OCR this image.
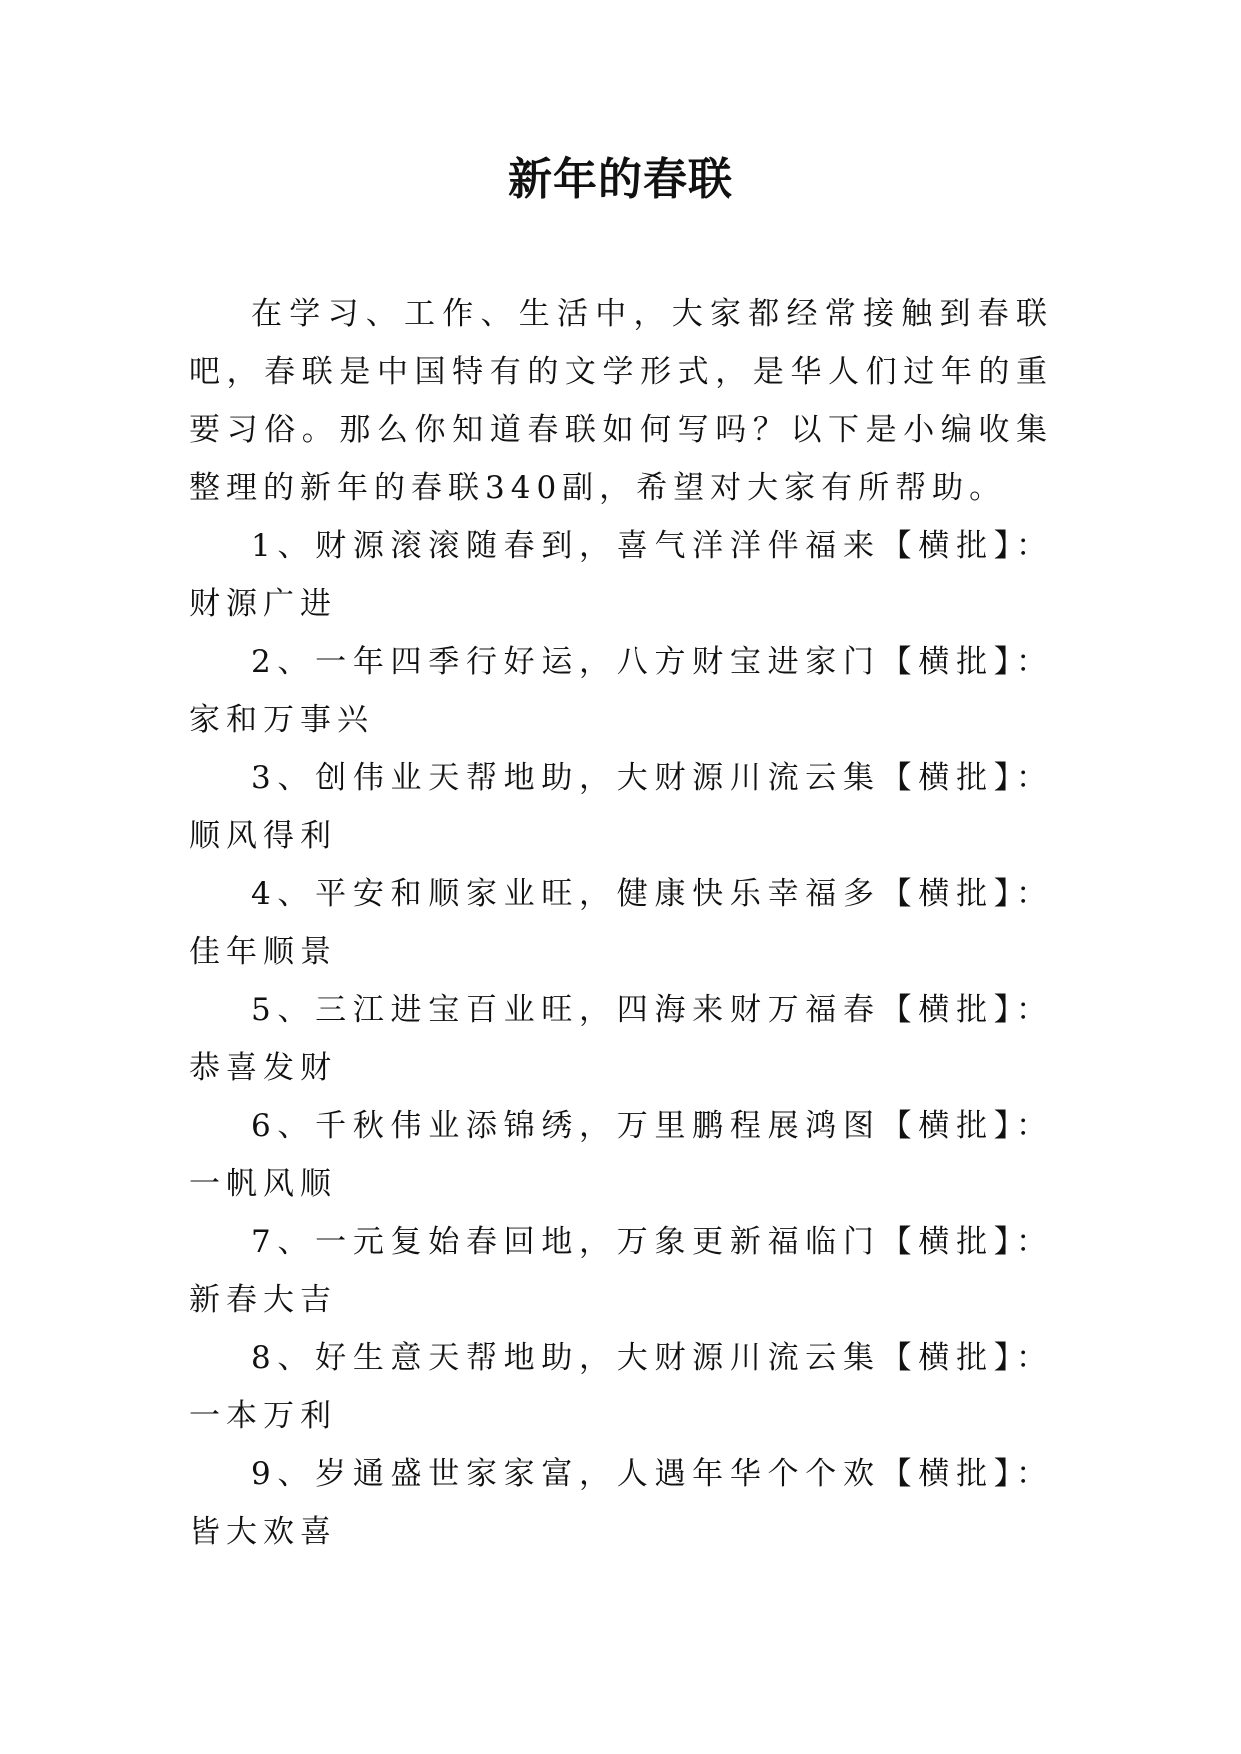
新年的春联

在学习、工作、生活中，大家都经常接触到春联吧，春联是中国特有的文学形式，是华人们过年的重要习俗。那么你知道春联如何写吗？以下是小编收集整理的新年的春联340副，希望对大家有所帮助。

1、财源滚滚随春到，喜气洋洋伴福来【横批】：财源广进

2、一年四季行好运，八方财宝进家门【横批】：家和万事兴

3、创伟业天帮地助，大财源川流云集【横批】：顺风得利

4、平安和顺家业旺，健康快乐幸福多【横批】：佳年顺景

5、三江进宝百业旺，四海来财万福春【横批】：恭喜发财

6、千秋伟业添锦绣，万里鹏程展鸿图【横批】：一帆风顺

7、一元复始春回地，万象更新福临门【横批】：新春大吉

8、好生意天帮地助，大财源川流云集【横批】：一本万利

9、岁通盛世家家富，人遇年华个个欢【横批】：皆大欢喜
